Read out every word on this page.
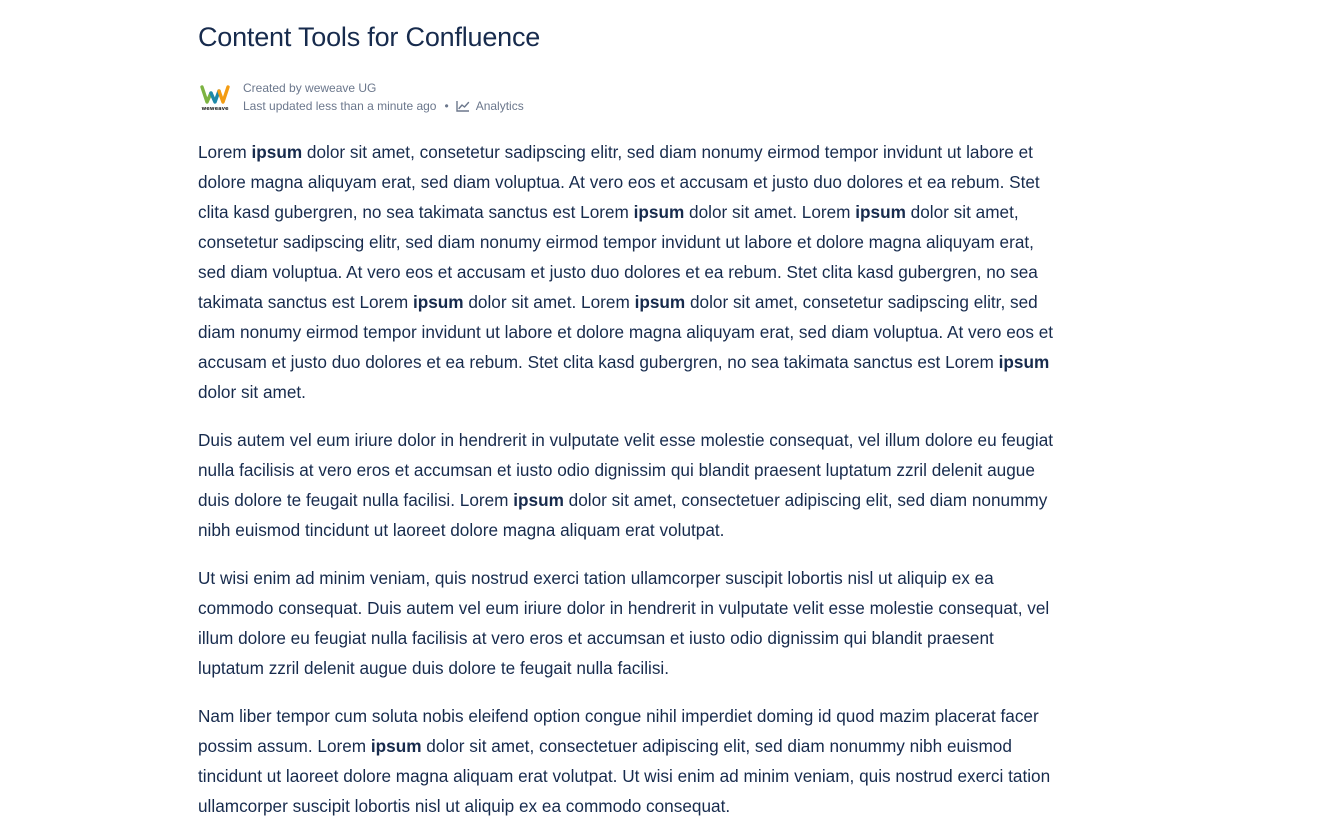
Content Tools for Confluence
weweave
Created by weweave UG
Last updated less than a minute ago • Analytics

Lorem ipsum dolor sit amet, consetetur sadipscing elitr, sed diam nonumy eirmod tempor invidunt ut labore et dolore magna aliquyam erat, sed diam voluptua. At vero eos et accusam et justo duo dolores et ea rebum. Stet clita kasd gubergren, no sea takimata sanctus est Lorem ipsum dolor sit amet. Lorem ipsum dolor sit amet, consetetur sadipscing elitr, sed diam nonumy eirmod tempor invidunt ut labore et dolore magna aliquyam erat, sed diam voluptua. At vero eos et accusam et justo duo dolores et ea rebum. Stet clita kasd gubergren, no sea takimata sanctus est Lorem ipsum dolor sit amet. Lorem ipsum dolor sit amet, consetetur sadipscing elitr, sed diam nonumy eirmod tempor invidunt ut labore et dolore magna aliquyam erat, sed diam voluptua. At vero eos et accusam et justo duo dolores et ea rebum. Stet clita kasd gubergren, no sea takimata sanctus est Lorem ipsum dolor sit amet.

Duis autem vel eum iriure dolor in hendrerit in vulputate velit esse molestie consequat, vel illum dolore eu feugiat nulla facilisis at vero eros et accumsan et iusto odio dignissim qui blandit praesent luptatum zzril delenit augue duis dolore te feugait nulla facilisi. Lorem ipsum dolor sit amet, consectetuer adipiscing elit, sed diam nonummy nibh euismod tincidunt ut laoreet dolore magna aliquam erat volutpat.

Ut wisi enim ad minim veniam, quis nostrud exerci tation ullamcorper suscipit lobortis nisl ut aliquip ex ea commodo consequat. Duis autem vel eum iriure dolor in hendrerit in vulputate velit esse molestie consequat, vel illum dolore eu feugiat nulla facilisis at vero eros et accumsan et iusto odio dignissim qui blandit praesent luptatum zzril delenit augue duis dolore te feugait nulla facilisi.

Nam liber tempor cum soluta nobis eleifend option congue nihil imperdiet doming id quod mazim placerat facer possim assum. Lorem ipsum dolor sit amet, consectetuer adipiscing elit, sed diam nonummy nibh euismod tincidunt ut laoreet dolore magna aliquam erat volutpat. Ut wisi enim ad minim veniam, quis nostrud exerci tation ullamcorper suscipit lobortis nisl ut aliquip ex ea commodo consequat.
